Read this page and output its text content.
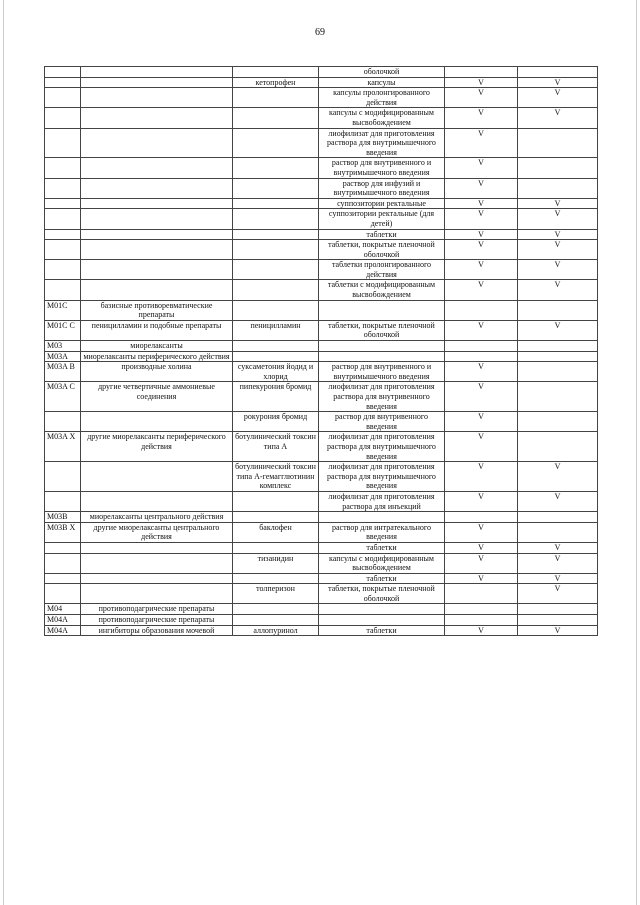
69
			оболочкой		
		кетопрофен	капсулы	V	V
			капсулы пролонгированного действия	V	V
			капсулы с модифицированным высвобождением	V	V
			лиофилизат для приготовления раствора для внутримышечного введения	V	
			раствор для внутривенного и внутримышечного введения	V	
			раствор для инфузий и внутримышечного введения	V	
			суппозитории ректальные	V	V
			суппозитории ректальные (для детей)	V	V
			таблетки	V	V
			таблетки, покрытые пленочной оболочкой	V	V
			таблетки пролонгированного действия	V	V
			таблетки с модифицированным высвобождением	V	V
M01C	базисные противоревматические препараты				
M01C С	пеницилламин и подобные препараты	пеницилламин	таблетки, покрытые пленочной оболочкой	V	V
M03	миорелаксанты				
M03A	миорелаксанты периферического действия				
M03A В	производные холина	суксаметония йодид и хлорид	раствор для внутривенного и внутримышечного введения	V	
M03A С	другие четвертичные аммониевые соединения	пипекурония бромид	лиофилизат для приготовления раствора для внутривенного введения	V	
		рокурония бромид	раствор для внутривенного введения	V	
M03A X	другие миорелаксанты периферического действия	ботулинический токсин типа A	лиофилизат для приготовления раствора для внутримышечного введения	V	
		ботулинический токсин типа A-гемагглютинин комплекс	лиофилизат для приготовления раствора для внутримышечного введения	V	V
			лиофилизат для приготовления раствора для инъекций	V	V
M03B	миорелаксанты центрального действия				
M03B X	другие миорелаксанты центрального действия	баклофен	раствор для интратекального введения	V	
			таблетки	V	V
		тизанидин	капсулы с модифицированным высвобождением	V	V
			таблетки	V	V
		толперизон	таблетки, покрытые пленочной оболочкой		V
M04	противоподагрические препараты				
M04A	противоподагрические препараты				
M04A	ингибиторы образования мочевой	аллопуринол	таблетки	V	V
